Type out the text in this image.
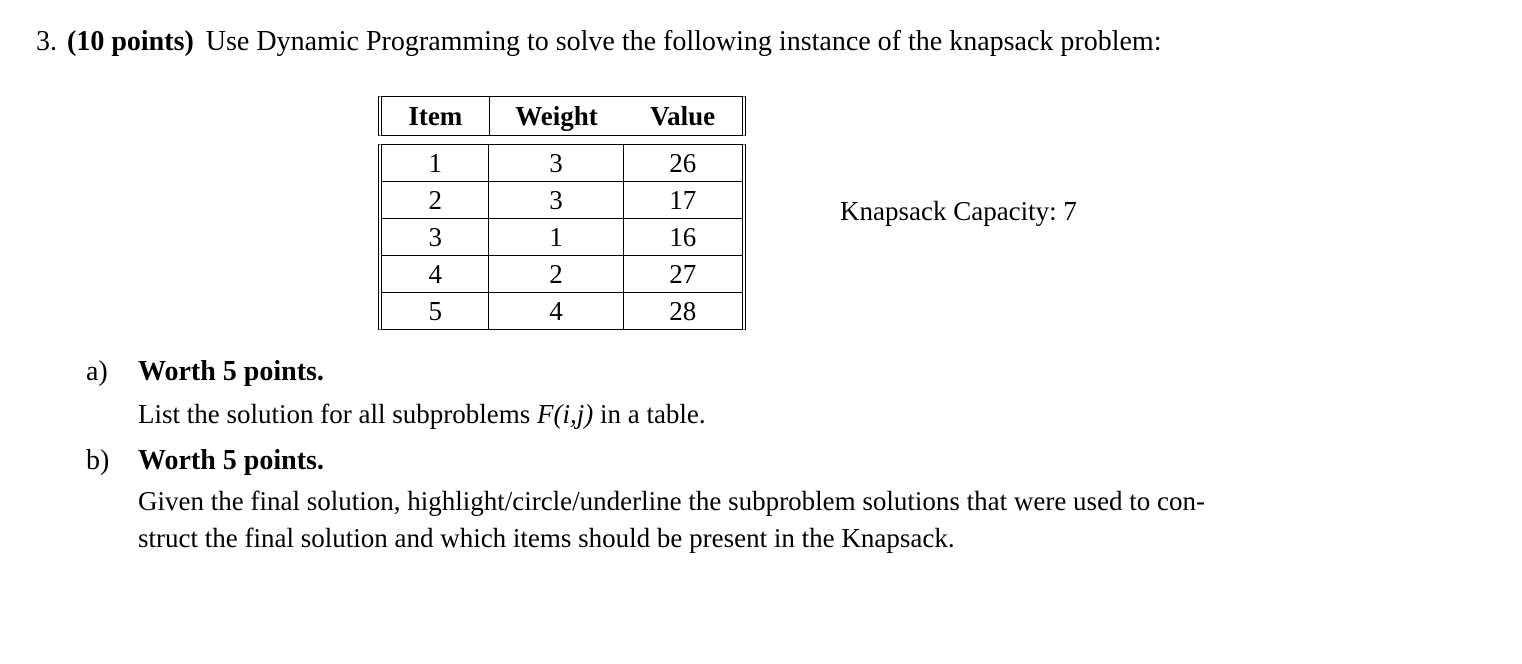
3. (10 points) Use Dynamic Programming to solve the following instance of the knapsack problem:
Item	Weight	Value
1	3	26
2	3	17
3	1	16
4	2	27
5	4	28
Knapsack Capacity: 7
a) Worth 5 points.
List the solution for all subproblems F(i,j) in a table.
b) Worth 5 points.
Given the final solution, highlight/circle/underline the subproblem solutions that were used to con-
struct the final solution and which items should be present in the Knapsack.
